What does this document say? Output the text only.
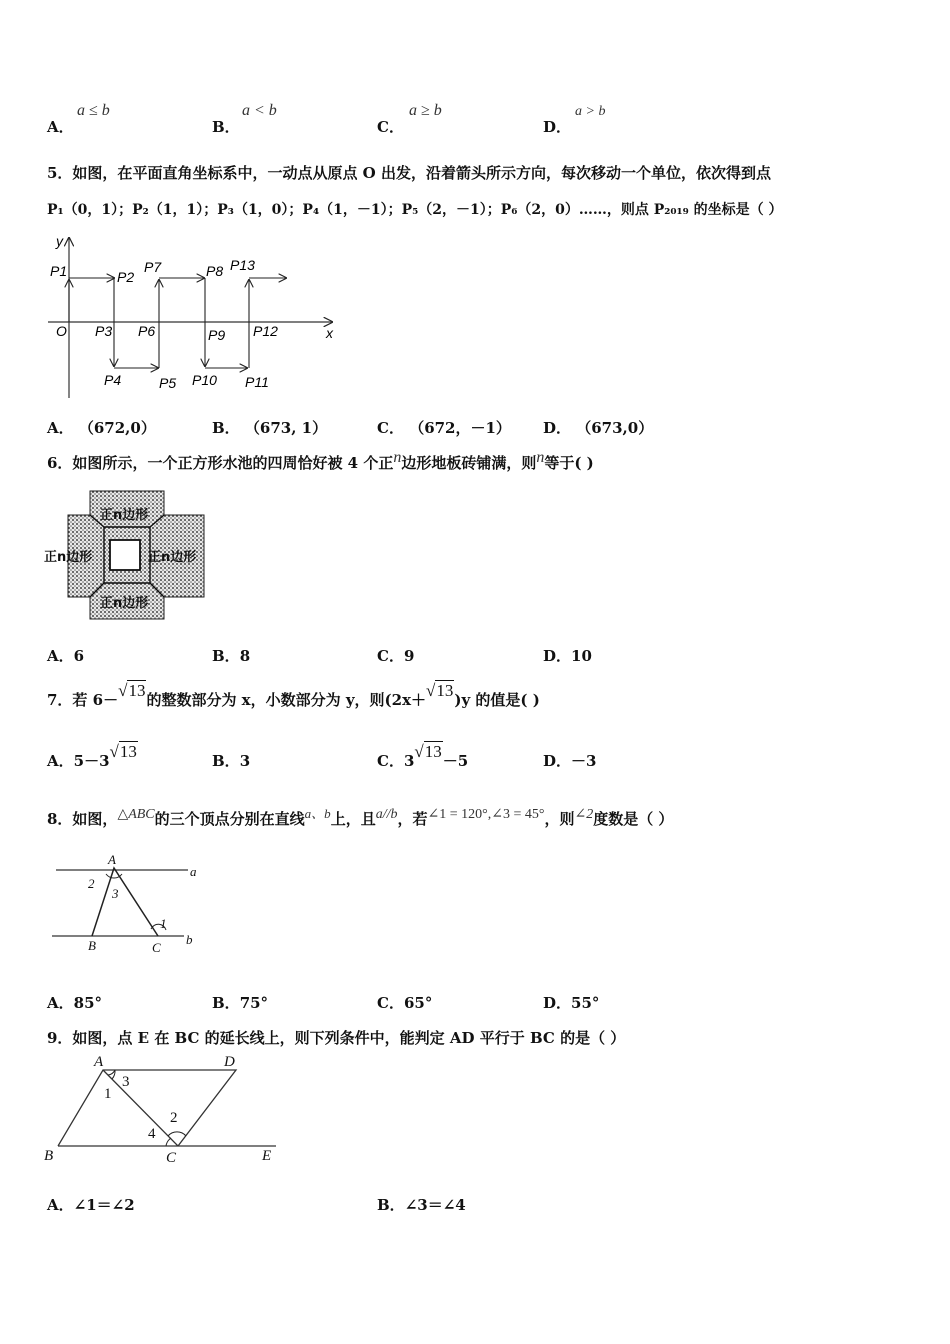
A．
a ≤ b
B．
a < b
C．
a ≥ b
D．
a > b
5．如图，在平面直角坐标系中，一动点从原点 O 出发，沿着箭头所示方向，每次移动一个单位，依次得到点
P₁（0，1）；P₂（1，1）；P₃（1，0）；P₄（1，－1）；P₅（2，－1）；P₆（2，0）……，则点 P₂₀₁₉ 的坐标是（ ）
y
P1	P2
P7	P8 P13
O P3 P6	P9 P12	x
P4	P5 P10 P11
A． （672,0）	B． （673, 1）	C． （672，－1） D． （673,0）
6．如图所示，一个正方形水池的四周恰好被 4 个正n边形地板砖铺满，则n等于( )
正n边形
正n边形	正n边形
正n边形
A．6	B．8	C．9	D．10
7．若 6－√13的整数部分为 x，小数部分为 y，则(2x＋√13)y 的值是( )
A．5－3√13	B．3	C．3√13－5	D．－3
8．如图，△ABC的三个顶点分别在直线a、b上，且a//b，若∠1 = 120°,∠3 = 45°，则∠2度数是（ ）
A
2
3
a
1
B	C
b
A．85°	B．75°	C．65°	D．55°
9．如图，点 E 在 BC 的延长线上，则下列条件中，能判定 AD 平行于 BC 的是（ ）
A	D
3
1
2
4
B	C	E
A．∠1＝∠2	B．∠3＝∠4
